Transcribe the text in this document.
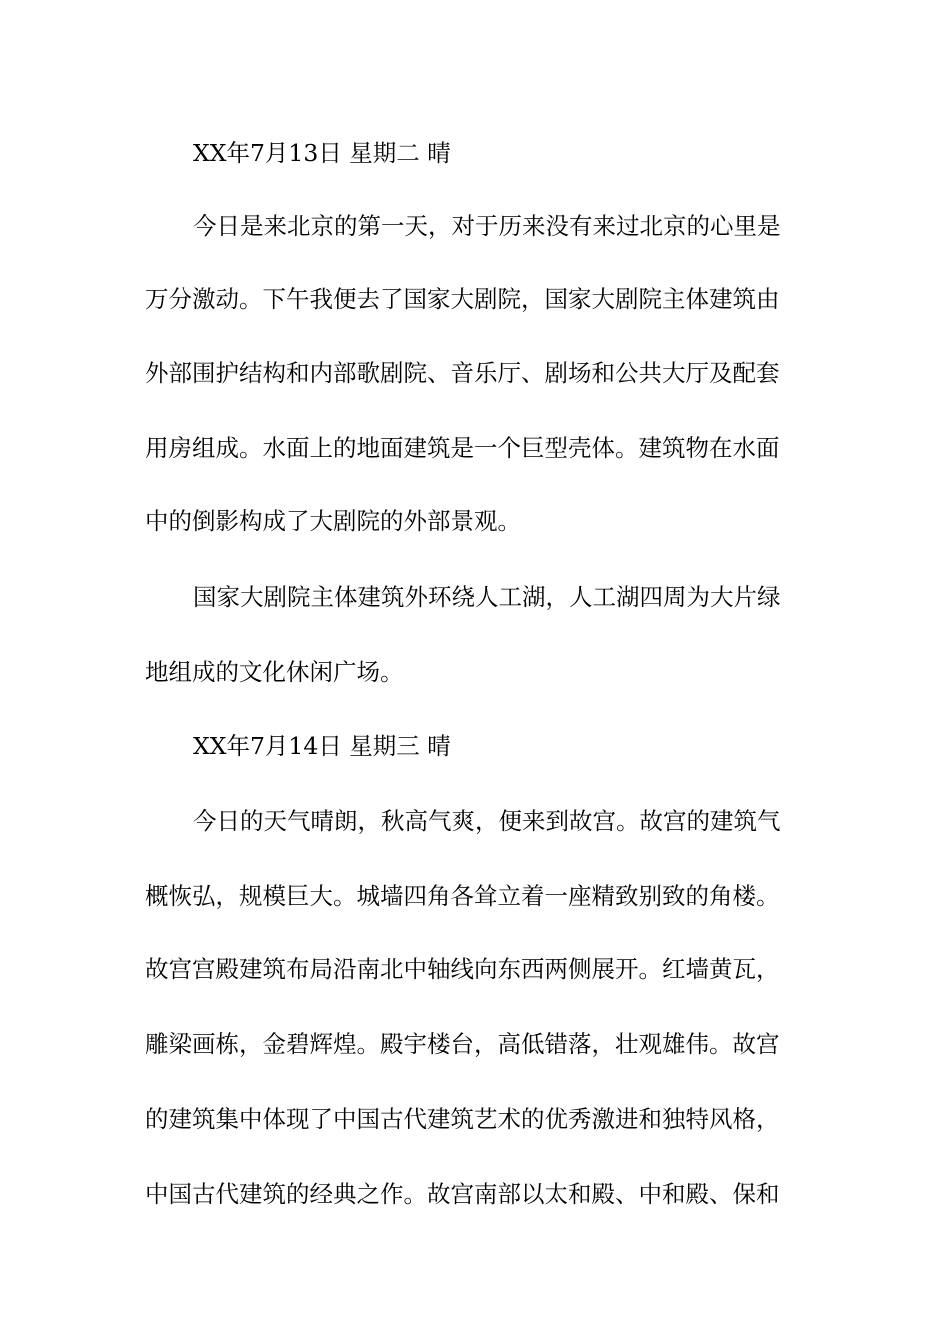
XX年7月13日 星期二 晴
今日是来北京的第一天，对于历来没有来过北京的心里是
万分激动。下午我便去了国家大剧院，国家大剧院主体建筑由
外部围护结构和内部歌剧院、音乐厅、剧场和公共大厅及配套
用房组成。水面上的地面建筑是一个巨型壳体。建筑物在水面
中的倒影构成了大剧院的外部景观。
国家大剧院主体建筑外环绕人工湖，人工湖四周为大片绿
地组成的文化休闲广场。
XX年7月14日 星期三 晴
今日的天气晴朗，秋高气爽，便来到故宫。故宫的建筑气
概恢弘，规模巨大。城墙四角各耸立着一座精致别致的角楼。
故宫宫殿建筑布局沿南北中轴线向东西两侧展开。红墙黄瓦，
雕梁画栋，金碧辉煌。殿宇楼台，高低错落，壮观雄伟。故宫
的建筑集中体现了中国古代建筑艺术的优秀激进和独特风格，
中国古代建筑的经典之作。故宫南部以太和殿、中和殿、保和
